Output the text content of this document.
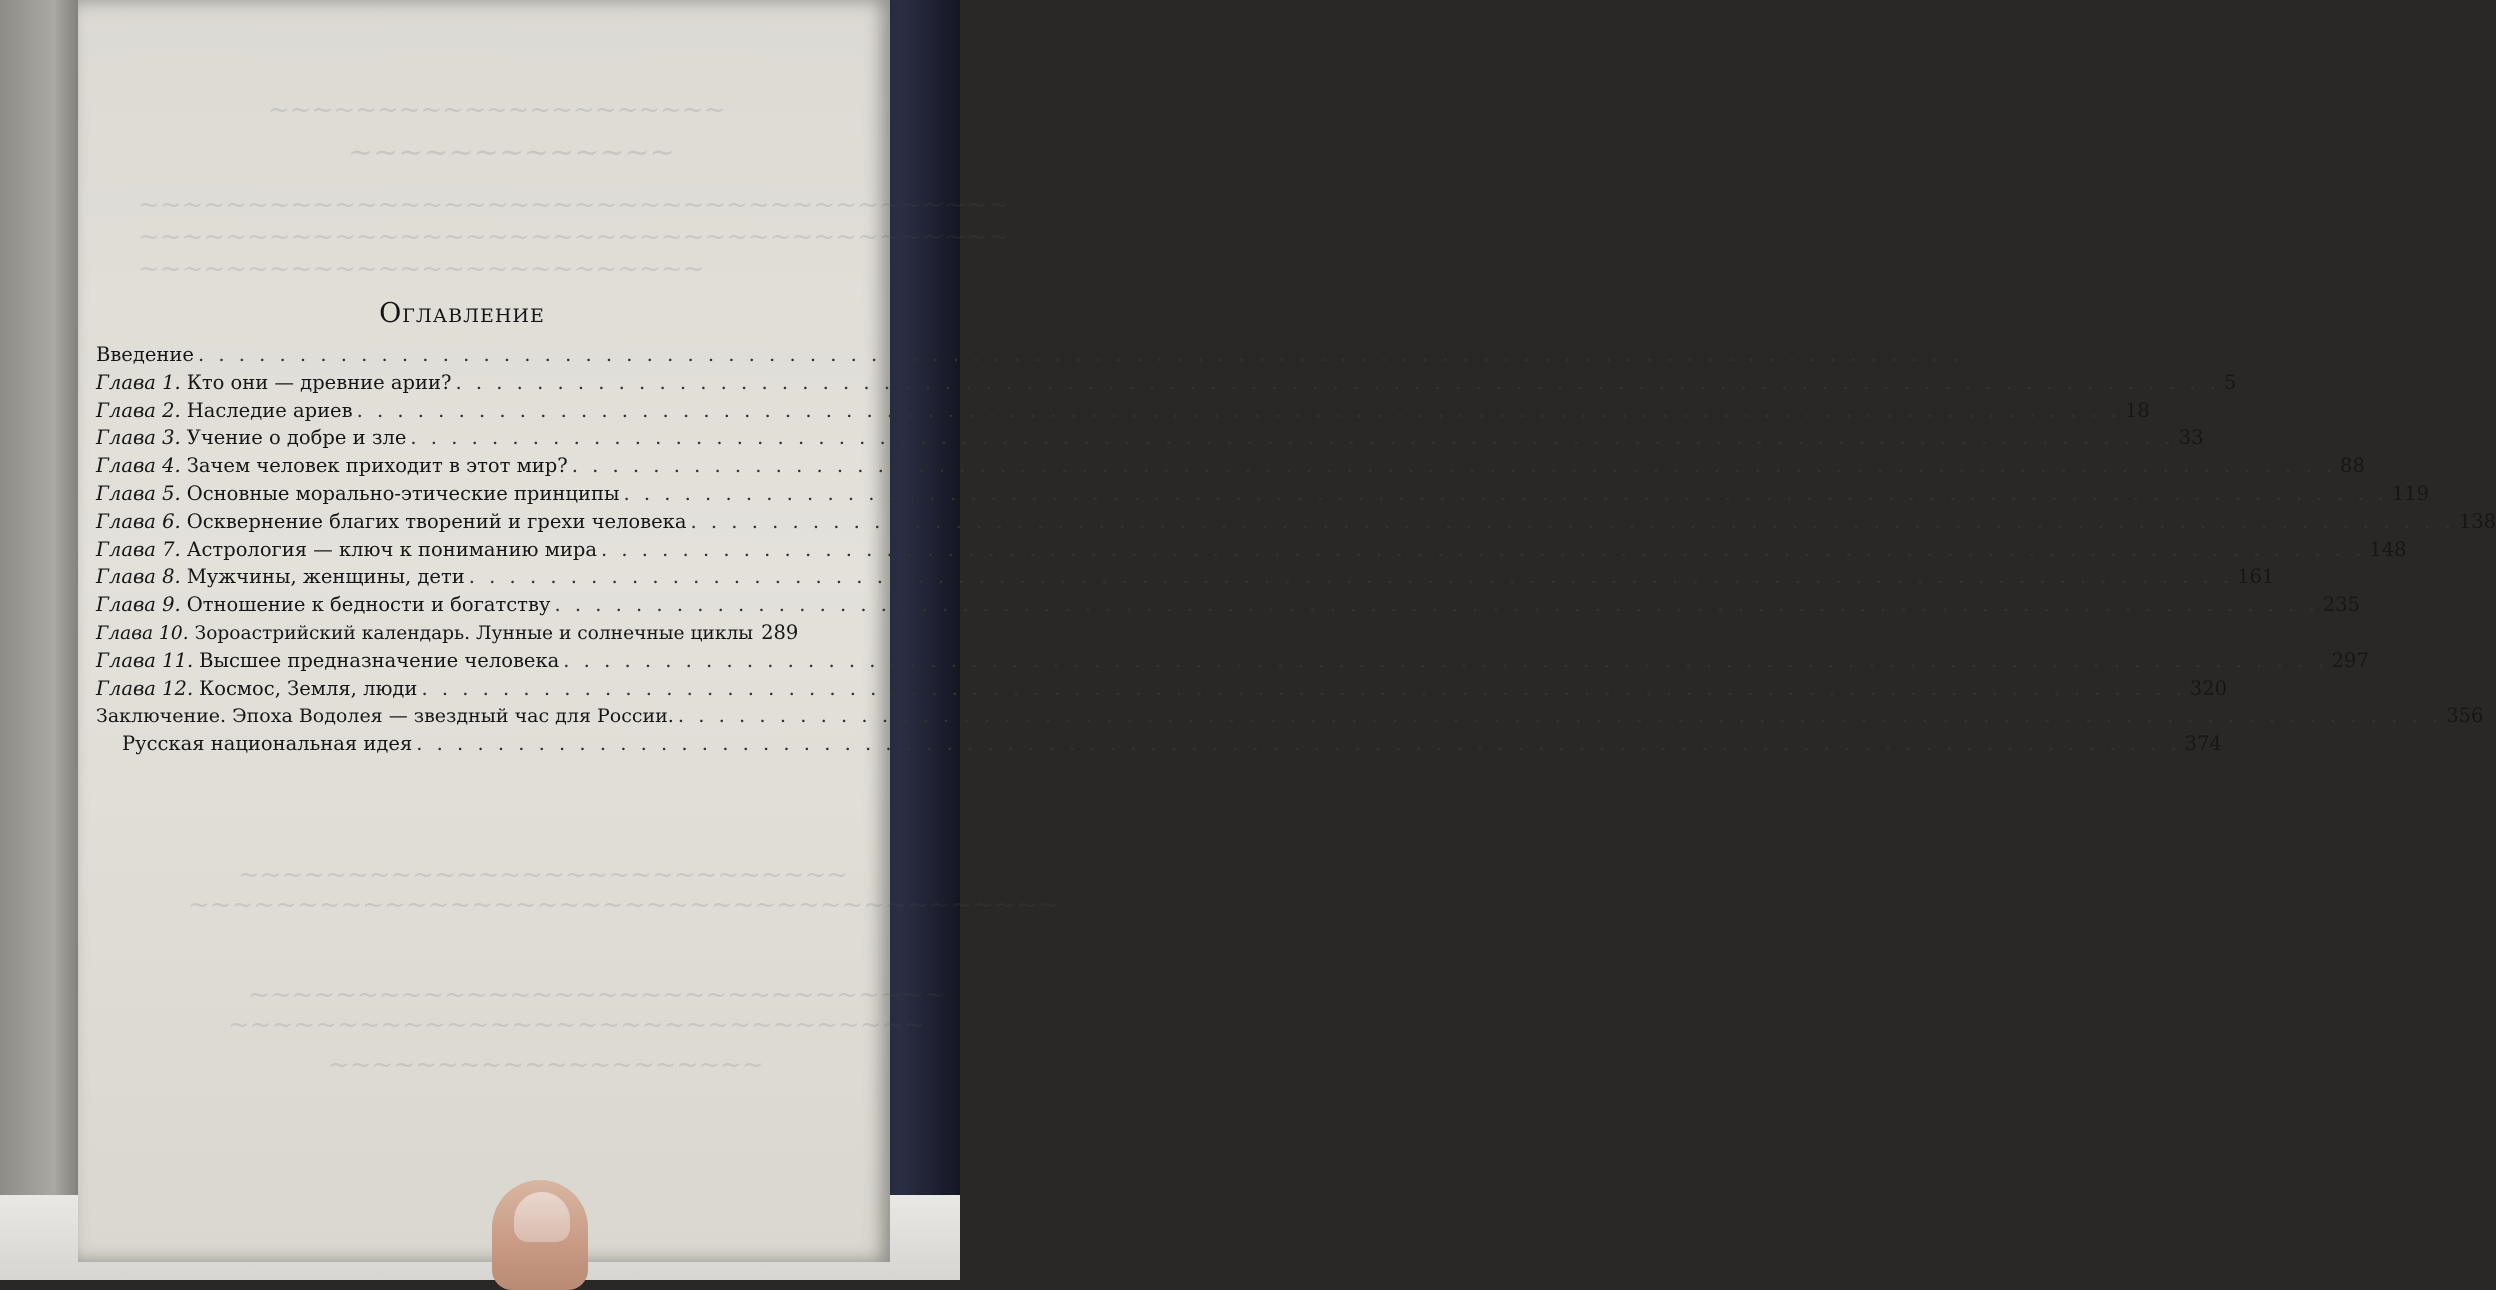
~~~~~~~~~~~~~~~~~~~~~
~~~~~~~~~~~~~
~~~~~~~~~~~~~~~~~~~~~~~~~~~~~~~~~~~~~~~~
~~~~~~~~~~~~~~~~~~~~~~~~~~~~~~~~~~~~~~~~
~~~~~~~~~~~~~~~~~~~~~~~~~~
~~~~~~~~~~~~~~~~~~~~~~~~~~~~
~~~~~~~~~~~~~~~~~~~~~~~~~~~~~~~~~~~~~~~~
~~~~~~~~~~~~~~~~~~~~~~~~~~~~~~~~
~~~~~~~~~~~~~~~~~~~~~~~~~~~~~~~~
~~~~~~~~~~~~~~~~~~~~
Оглавление
Введение
. . .
Глава 1. Кто они — древние арии? . . .	5
Глава 2. Наследие ариев . . .	18
Глава 3. Учение о добре и зле . . .	33
Глава 4. Зачем человек приходит в этот мир? . . .	88
Глава 5. Основные морально-этические принципы . . .	119
Глава 6. Осквернение благих творений и грехи человека . . .	138
Глава 7. Астрология — ключ к пониманию мира . . .	148
Глава 8. Мужчины, женщины, дети . . .	161
Глава 9. Отношение к бедности и богатству . . .	235
Глава 10. Зороастрийский календарь. Лунные и солнечные циклы 289
Глава 11. Высшее предназначение человека . . .	297
Глава 12. Космос, Земля, люди . . .	320
Заключение. Эпоха Водолея — звездный час для России. . . .	356
Русская национальная идея . . .	374
